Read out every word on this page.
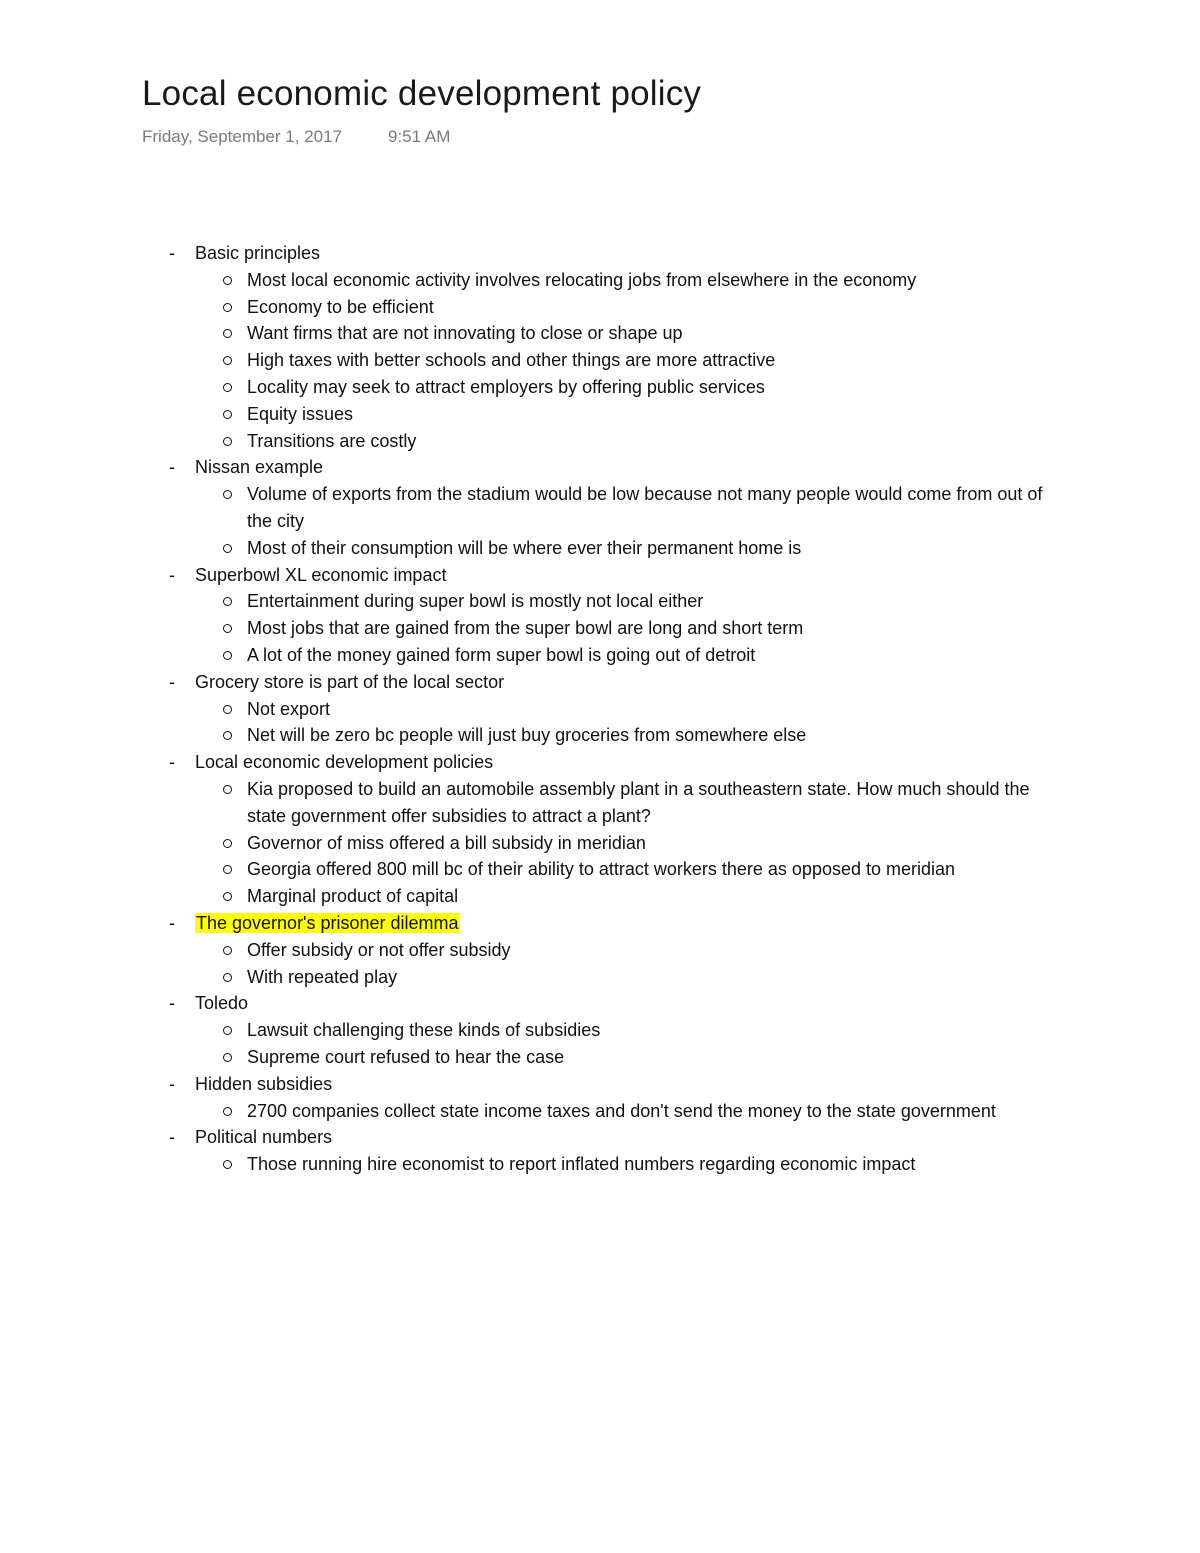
Local economic development policy
Friday, September 1, 2017	9:51 AM
- Basic principles
Most local economic activity involves relocating jobs from elsewhere in the economy
Economy to be efficient
Want firms that are not innovating to close or shape up
High taxes with better schools and other things are more attractive
Locality may seek to attract employers by offering public services
Equity issues
Transitions are costly
- Nissan example
Volume of exports from the stadium would be low because not many people would come from out of the city
Most of their consumption will be where ever their permanent home is
- Superbowl XL economic impact
Entertainment during super bowl is mostly not local either
Most jobs that are gained from the super bowl are long and short term
A lot of the money gained form super bowl is going out of detroit
- Grocery store is part of the local sector
Not export
Net will be zero bc people will just buy groceries from somewhere else
- Local economic development policies
Kia proposed to build an automobile assembly plant in a southeastern state. How much should the state government offer subsidies to attract a plant?
Governor of miss offered a bill subsidy in meridian
Georgia offered 800 mill bc of their ability to attract workers there as opposed to meridian
Marginal product of capital
- The governor's prisoner dilemma
Offer subsidy or not offer subsidy
With repeated play
- Toledo
Lawsuit challenging these kinds of subsidies
Supreme court refused to hear the case
- Hidden subsidies
2700 companies collect state income taxes and don't send the money to the state government
- Political numbers
Those running hire economist to report inflated numbers regarding economic impact
